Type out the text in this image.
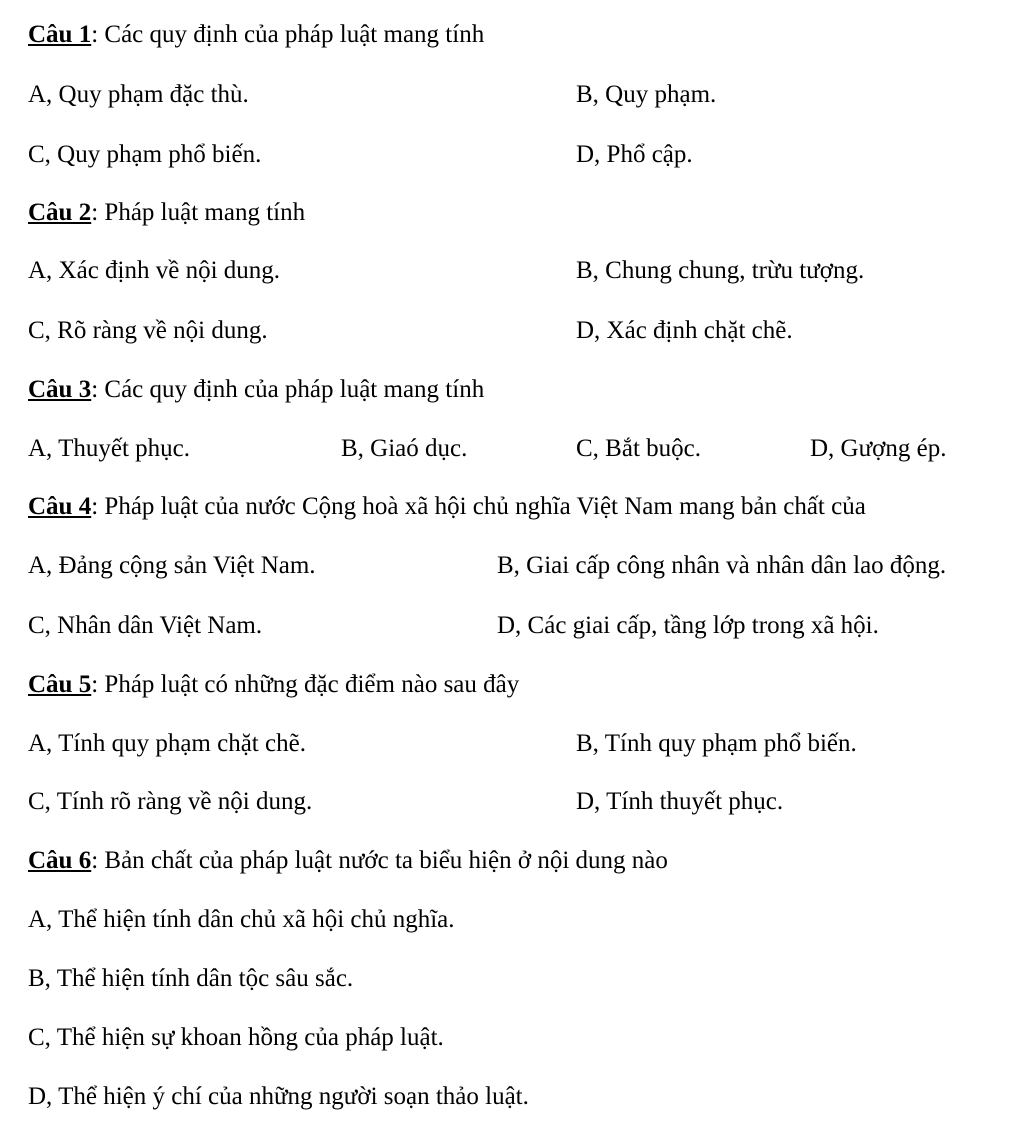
Câu 1: Các quy định của pháp luật mang tính
A, Quy phạm đặc thù.	B, Quy phạm.
C, Quy phạm phổ biến.	D, Phổ cập.
Câu 2: Pháp luật mang tính
A, Xác định về nội dung.	B, Chung chung, trừu tượng.
C, Rõ ràng về nội dung.	D, Xác định chặt chẽ.
Câu 3: Các quy định của pháp luật mang tính
A, Thuyết phục.	B, Giaó dục.	C, Bắt buộc.	D, Gượng ép.
Câu 4: Pháp luật của nước Cộng hoà xã hội chủ nghĩa Việt Nam mang bản chất của
A, Đảng cộng sản Việt Nam.	B, Giai cấp công nhân và nhân dân lao động.
C, Nhân dân Việt Nam.	D, Các giai cấp, tầng lớp trong xã hội.
Câu 5: Pháp luật có những đặc điểm nào sau đây
A, Tính quy phạm chặt chẽ.	B, Tính quy phạm phổ biến.
C, Tính rõ ràng về nội dung.	D, Tính thuyết phục.
Câu 6: Bản chất của pháp luật nước ta biểu hiện ở nội dung nào
A, Thể hiện tính dân chủ xã hội chủ nghĩa.
B, Thể hiện tính dân tộc sâu sắc.
C, Thể hiện sự khoan hồng của pháp luật.
D, Thể hiện ý chí của những người soạn thảo luật.
